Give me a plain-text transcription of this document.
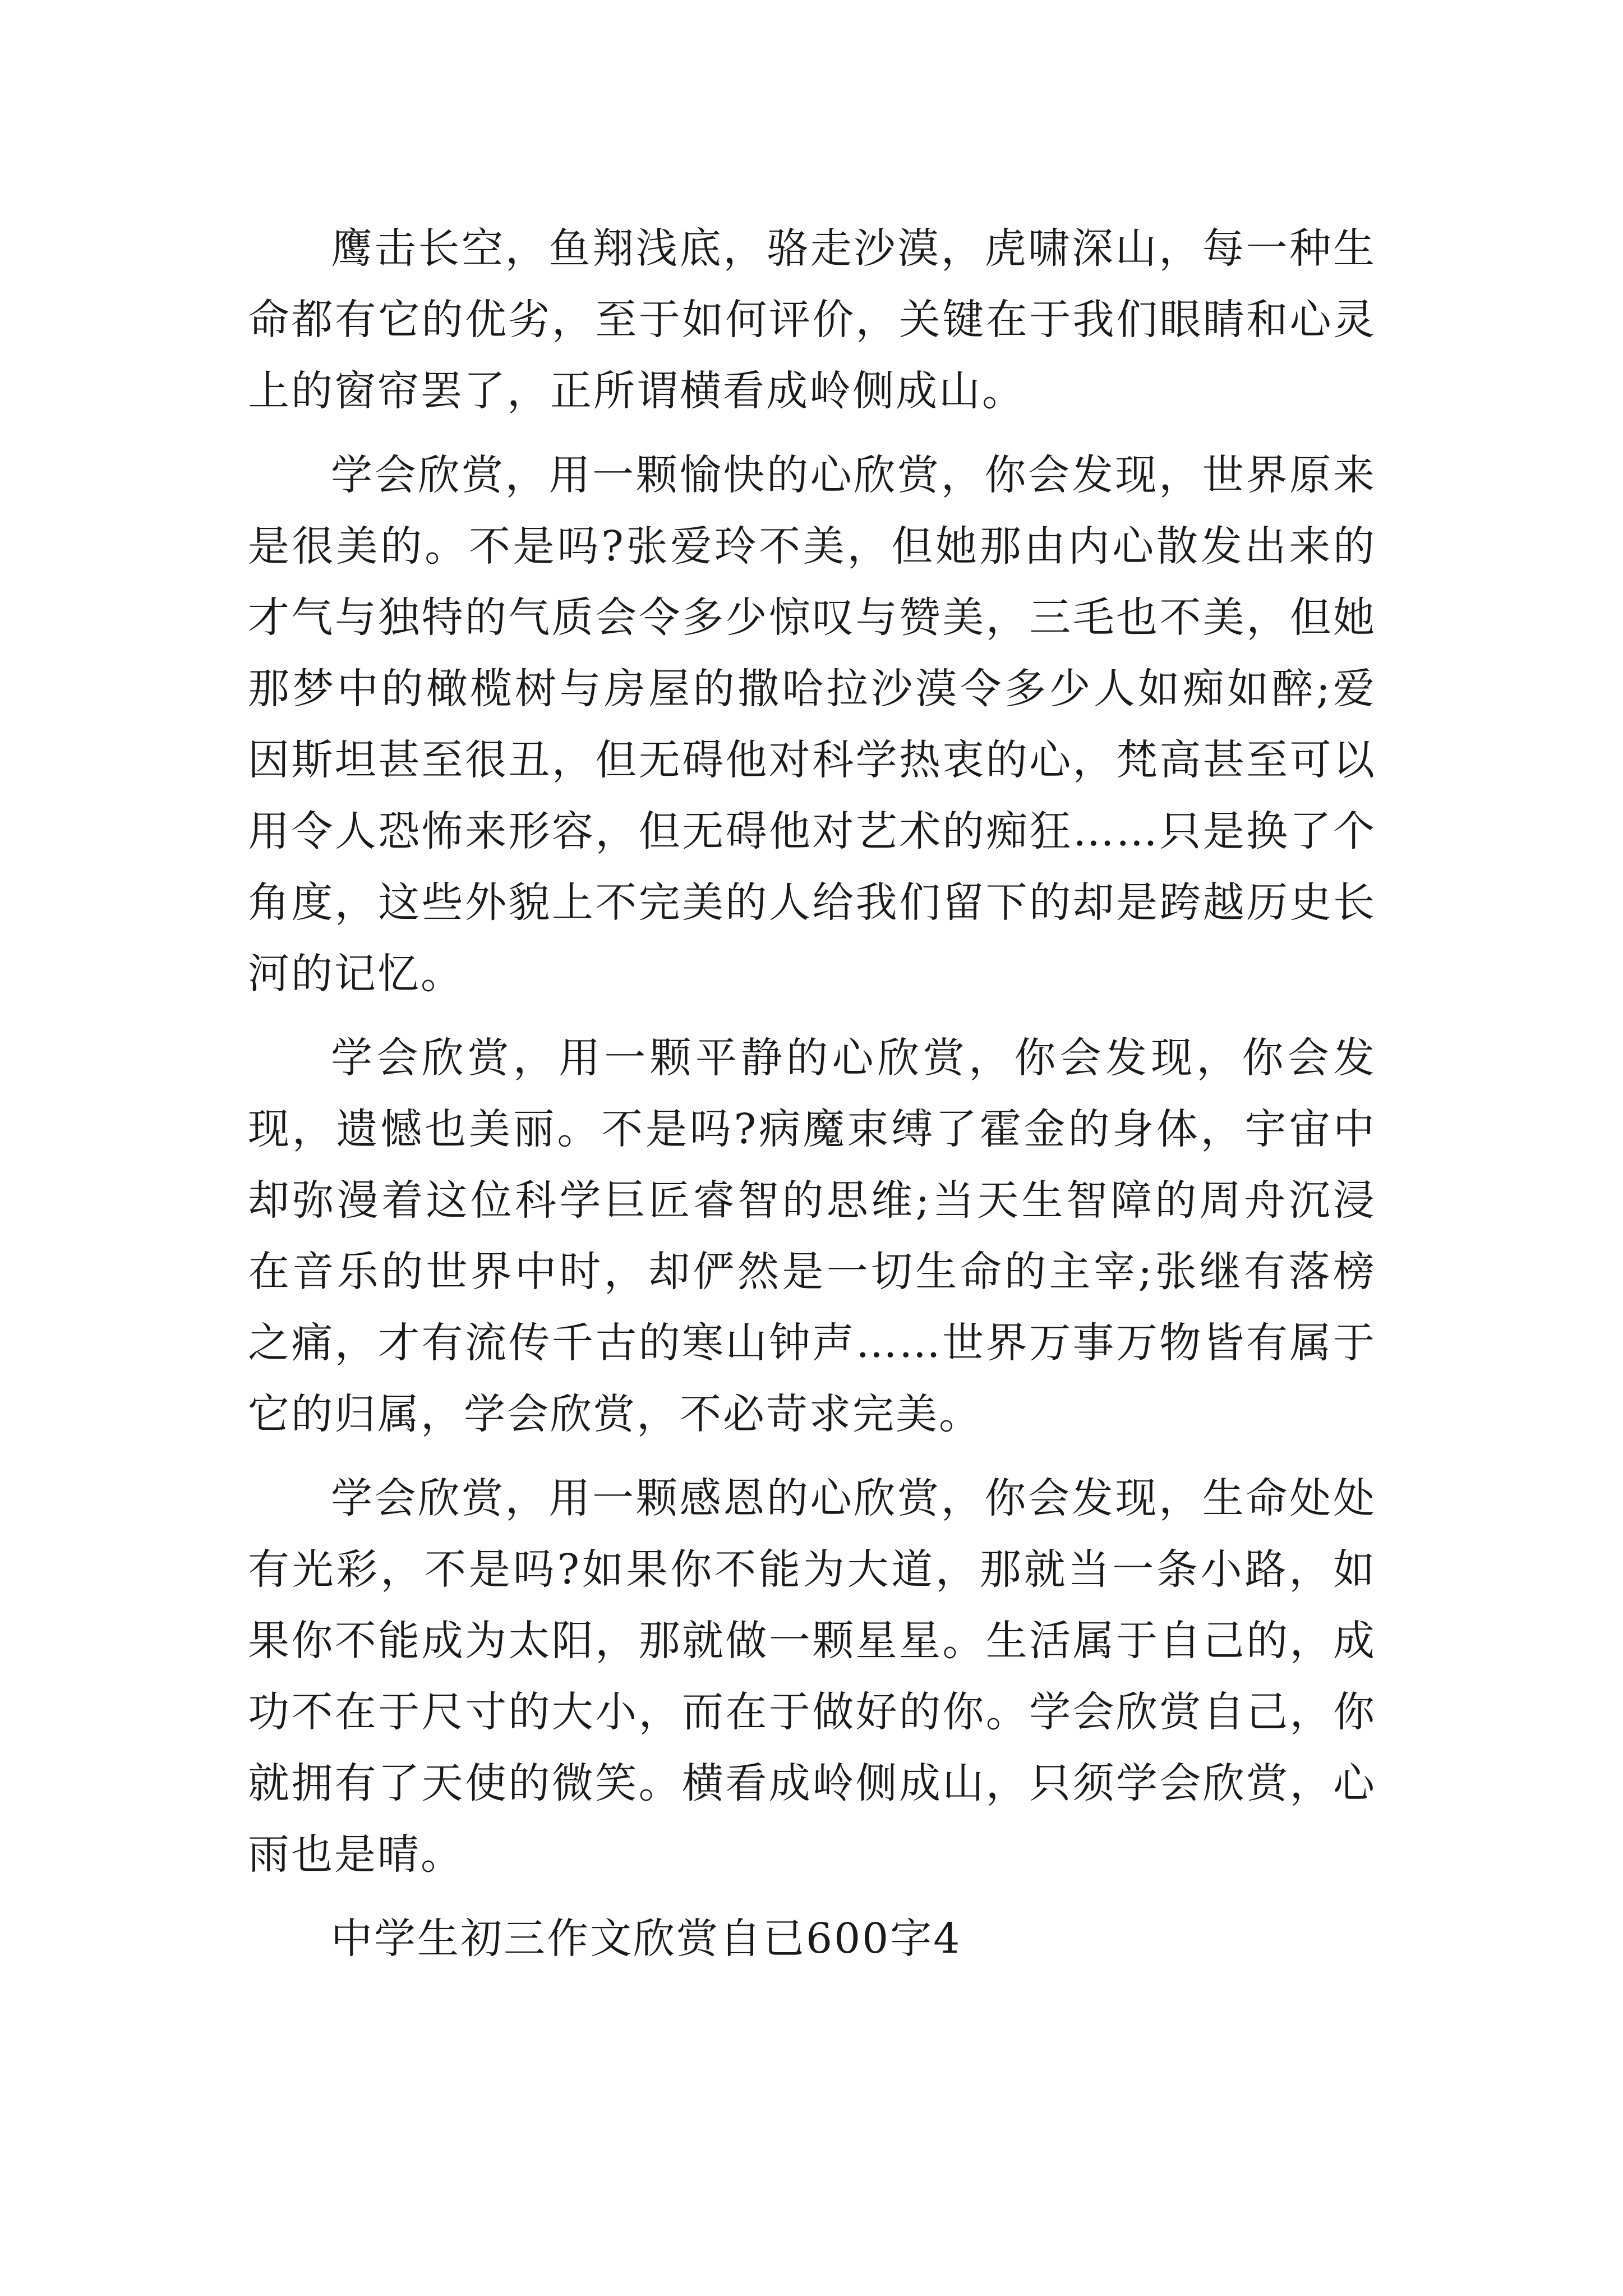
鹰击长空，鱼翔浅底，骆走沙漠，虎啸深山，每一种生命都有它的优劣，至于如何评价，关键在于我们眼睛和心灵上的窗帘罢了，正所谓横看成岭侧成山。

学会欣赏，用一颗愉快的心欣赏，你会发现，世界原来是很美的。不是吗?张爱玲不美，但她那由内心散发出来的才气与独特的气质会令多少惊叹与赞美，三毛也不美，但她那梦中的橄榄树与房屋的撒哈拉沙漠令多少人如痴如醉;爱因斯坦甚至很丑，但无碍他对科学热衷的心，梵高甚至可以用令人恐怖来形容，但无碍他对艺术的痴狂……只是换了个角度，这些外貌上不完美的人给我们留下的却是跨越历史长河的记忆。

学会欣赏，用一颗平静的心欣赏，你会发现，你会发现，遗憾也美丽。不是吗?病魔束缚了霍金的身体，宇宙中却弥漫着这位科学巨匠睿智的思维;当天生智障的周舟沉浸在音乐的世界中时，却俨然是一切生命的主宰;张继有落榜之痛，才有流传千古的寒山钟声……世界万事万物皆有属于它的归属，学会欣赏，不必苛求完美。

学会欣赏，用一颗感恩的心欣赏，你会发现，生命处处有光彩，不是吗?如果你不能为大道，那就当一条小路，如果你不能成为太阳，那就做一颗星星。生活属于自己的，成功不在于尺寸的大小，而在于做好的你。学会欣赏自己，你就拥有了天使的微笑。横看成岭侧成山，只须学会欣赏，心雨也是晴。

中学生初三作文欣赏自已600字4
